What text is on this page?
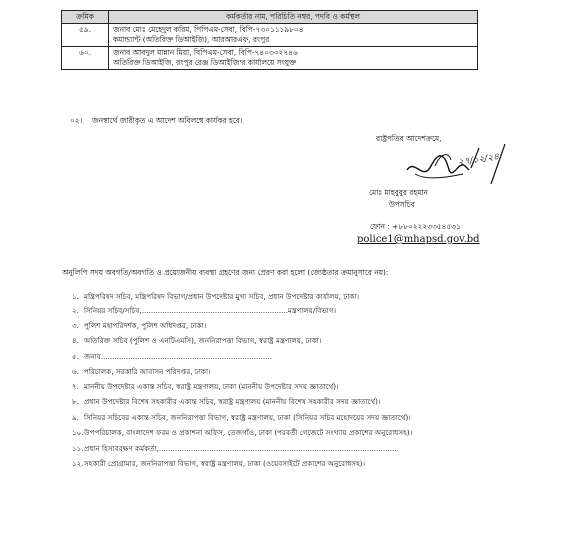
ক্রমিক	কর্মকর্তার নাম, পরিচিতি নম্বর, পদবি ও কর্মস্থল
৫৯.	জনাব মোঃ মেহেদুল করিম, পিপিএম-সেবা, বিপি-৭৩০১১১৯৮০৪
কমান্ড্যান্ট (অতিরিক্ত ডিআইজি), আরআরএফ, রংপুর

৬০.	জনাব আবদুল মান্নান মিয়া, বিপিএম-সেবা, বিপি-৭৪০৩০২৭৪৬
অতিরিক্ত ডিআইজি, রংপুর রেঞ্জ ডিআইজি'র কার্যালয়ে সংযুক্ত
০২। জনস্বার্থে জারীকৃত এ আদেশ অবিলম্বে কার্যকর হবে।
রাষ্ট্রপতির আদেশক্রমে,
২৭/১২/২৪
মোঃ মাহবুবুর রহমান
উপসচিব
ফোন : +৮৮০২২২৩৩৫৪৫৩১
police1@mhapsd.gov.bd
অনুলিপি সদয় অবগতি/অবগতি ও প্রয়োজনীয় ব্যবস্থা গ্রহণের জন্য প্রেরণ করা হলো (জ্যেষ্ঠতার ক্রমানুসারে নয়):
১. মন্ত্রিপরিষদ সচিব, মন্ত্রিপরিষদ বিভাগ/প্রধান উপদেষ্টার মুখ্য সচিব, প্রধান উপদেষ্টার কার্যালয়, ঢাকা।
২. সিনিয়র সচিব/সচিব,................................................................মন্ত্রণালয়/বিভাগ।
৩. পুলিশ মহাপরিদর্শক, পুলিশ অধিদপ্তর, ঢাকা।
৪. অতিরিক্ত সচিব (পুলিশ ও এনটিএমসি), জননিরাপত্তা বিভাগ, স্বরাষ্ট্র মন্ত্রণালয়, ঢাকা।
৫. জনাব...........................................................................
৬. পরিচালক, সরকারি আবাসন পরিদপ্তর, ঢাকা।
৭. মাননীয় উপদেষ্টার একান্ত সচিব, স্বরাষ্ট্র মন্ত্রণালয়, ঢাকা (মাননীয় উপদেষ্টার সদয় জ্ঞাতার্থে)।
৮. প্রধান উপদেষ্টার বিশেষ সহকারীর একান্ত সচিব, স্বরাষ্ট্র মন্ত্রণালয় (মাননীয় বিশেষ সহকারীর সদয় জ্ঞাতার্থে)।
৯. সিনিয়র সচিবের একান্ত সচিব, জননিরাপত্তা বিভাগ, স্বরাষ্ট্র মন্ত্রণালয়, ঢাকা (সিনিয়র সচিব মহোদয়ের সদয় জ্ঞাতার্থে)।
১০. উপপরিচালক, বাংলাদেশ ফরম ও প্রকাশনা অফিস, তেজগাঁও, ঢাকা (পরবর্তী গেজেটে সংখ্যায় প্রকাশের অনুরোধসহ)।
১১. প্রধান হিসাবরক্ষণ কর্মকর্তা,........................................................................................................
১২. সহকারী প্রোগ্রামার, জননিরাপত্তা বিভাগ, স্বরাষ্ট্র মন্ত্রণালয়, ঢাকা (ওয়েবসাইটে প্রকাশের অনুরোধসহ)।
